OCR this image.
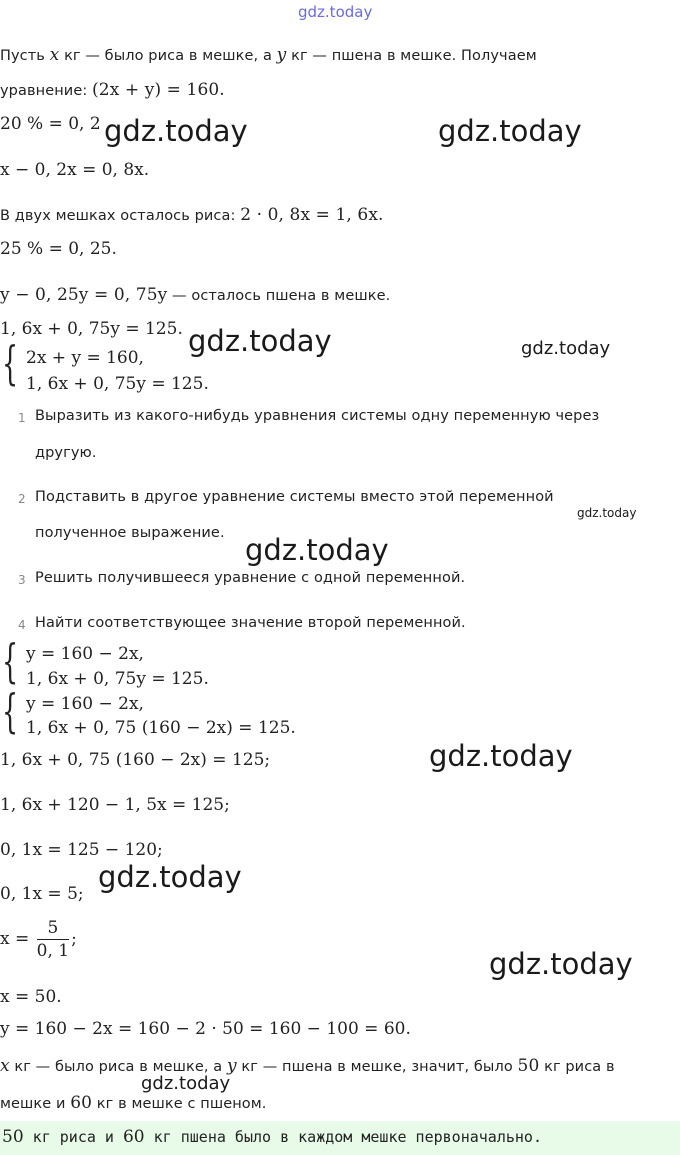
gdz.today
Пусть x кг — было риса в мешке, а y кг — пшена в мешке. Получаем
уравнение: (2x + y) = 160.
20 % = 0, 2 gdz.today	gdz.today
x − 0, 2x = 0, 8x.
В двух мешках осталось риса: 2 · 0, 8x = 1, 6x.
25 % = 0, 25.
y − 0, 25y = 0, 75y — осталось пшена в мешке.
1, 6x + 0, 75y = 125. gdz.today	gdz.today
{ 2x + y = 160,
1, 6x + 0, 75y = 125.
1 Выразить из какого-нибудь уравнения системы одну переменную через
другую.
2 Подставить в другое уравнение системы вместо этой переменной
gdz.today
полученное выражение. gdz.today
3 Решить получившееся уравнение с одной переменной.
4 Найти соответствующее значение второй переменной.
{ y = 160 − 2x,
1, 6x + 0, 75y = 125.
{ y = 160 − 2x,
1, 6x + 0, 75 (160 − 2x) = 125.
1, 6x + 0, 75 (160 − 2x) = 125;	gdz.today
1, 6x + 120 − 1, 5x = 125;
0, 1x = 125 − 120;
0, 1x = 5; gdz.today
$x = \frac{5}{0, 1}$ ;
gdz.today
x = 50.
y = 160 − 2x = 160 − 2 · 50 = 160 − 100 = 60.
x кг — было риса в мешке, а y кг — пшена в мешке, значит, было 50 кг риса в
gdz.today
мешке и 60 кг в мешке с пшеном.
50 кг риса и 60 кг пшена было в каждом мешке первоначально.
